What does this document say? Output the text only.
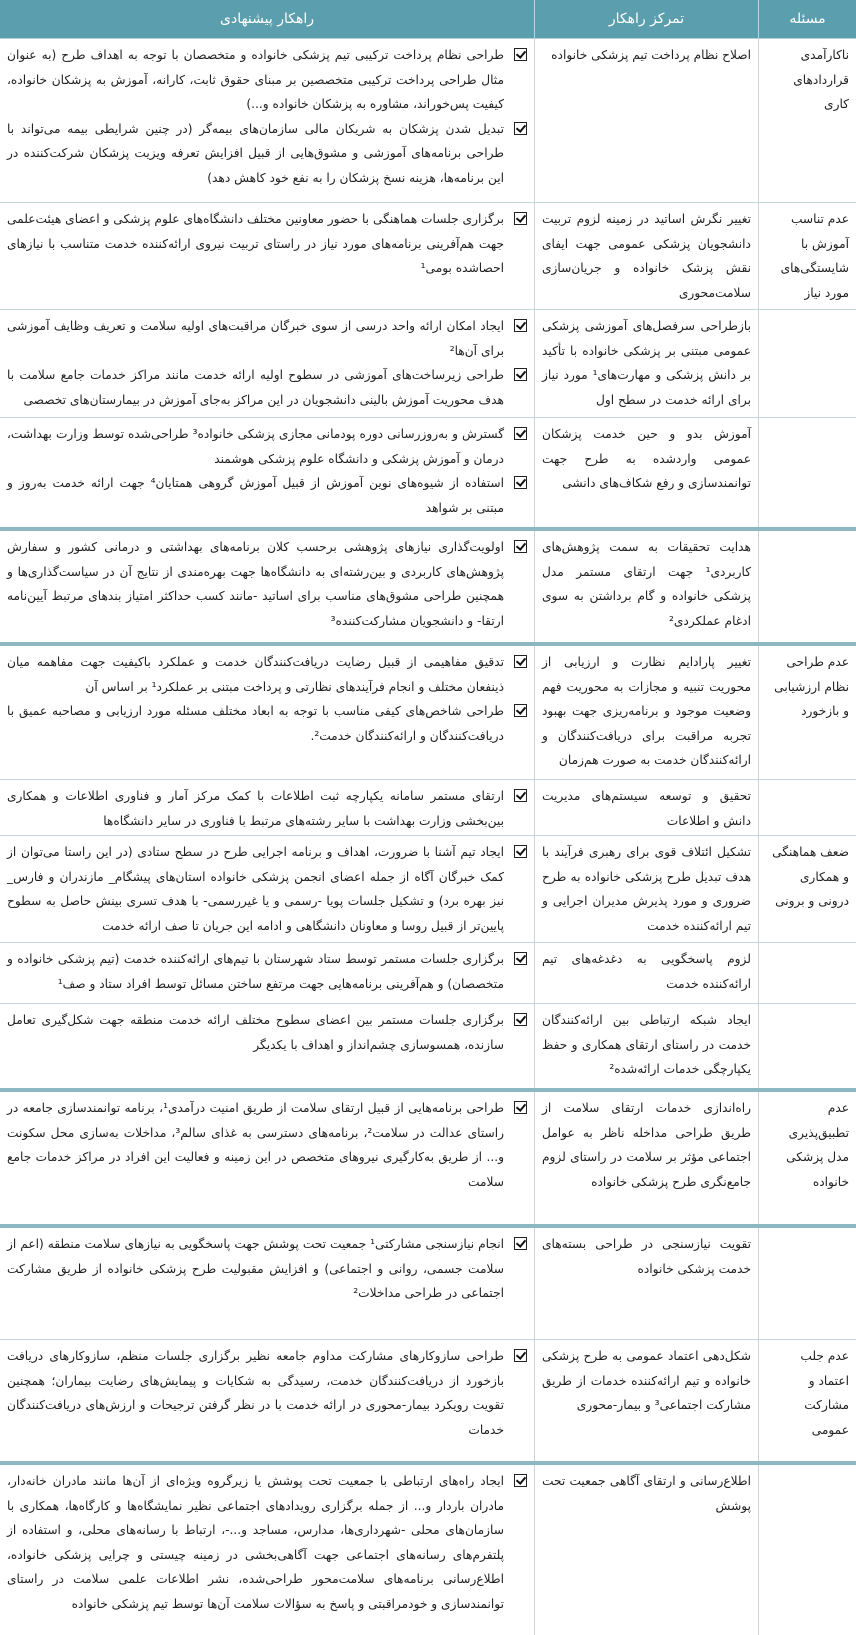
مسئله
تمرکز راهکار
راهکار پیشنهادی
ناکارآمدی قراردادهای کاری
اصلاح نظام پرداخت تیم پزشکی خانواده
طراحی نظام پرداخت ترکیبی تیم پزشکی خانواده و متخصصان با توجه به اهداف طرح (به عنوان مثال طراحی پرداخت ترکیبی متخصصین بر مبنای حقوق ثابت، کارانه، آموزش به پزشکان خانواده، کیفیت پس‌خوراند، مشاوره به پزشکان خانواده و...)
تبدیل شدن پزشکان به شریکان مالی سازمان‌های بیمه‌گر (در چنین شرایطی بیمه می‌تواند با طراحی برنامه‌های آموزشی و مشوق‌هایی از قبیل افزایش تعرفه ویزیت پزشکان شرکت‌کننده در این برنامه‌ها، هزینه نسخ پزشکان را به نفع خود کاهش دهد)
عدم تناسب آموزش با شایستگی‌های مورد نیاز
تغییر نگرش اساتید در زمینه لزوم تربیت دانشجویان پزشکی عمومی جهت ایفای نقش پزشک خانواده و جریان‌سازی سلامت‌محوری
برگزاری جلسات هماهنگی با حضور معاونین مختلف دانشگاه‌های علوم پزشکی و اعضای هیئت‌علمی جهت هم‌آفرینی برنامه‌های مورد نیاز در راستای تربیت نیروی ارائه‌کننده خدمت متناسب با نیازهای احصاشده بومی¹
بازطراحی سرفصل‌های آموزشی پزشکی عمومی مبتنی بر پزشکی خانواده با تأکید بر دانش پزشکی و مهارت‌های¹ مورد نیاز برای ارائه خدمت در سطح اول
ایجاد امکان ارائه واحد درسی از سوی خبرگان مراقبت‌های اولیه سلامت و تعریف وظایف آموزشی برای آن‌ها²
طراحی زیرساخت‌های آموزشی در سطوح اولیه ارائه خدمت مانند مراکز خدمات جامع سلامت با هدف محوریت آموزش بالینی دانشجویان در این مراکز به‌جای آموزش در بیمارستان‌های تخصصی
آموزش بدو و حین خدمت پزشکان عمومی واردشده به طرح جهت توانمندسازی و رفع شکاف‌های دانشی
گسترش و به‌روزرسانی دوره پودمانی مجازی پزشکی خانواده³ طراحی‌شده توسط وزارت بهداشت، درمان و آموزش پزشکی و دانشگاه علوم پزشکی هوشمند
استفاده از شیوه‌های نوین آموزش از قبیل آموزش گروهی همتایان⁴ جهت ارائه خدمت به‌روز و مبتنی بر شواهد
هدایت تحقیقات به سمت پژوهش‌های کاربردی¹ جهت ارتقای مستمر مدل پزشکی خانواده و گام برداشتن به سوی ادغام عملکردی²
اولویت‌گذاری نیازهای پژوهشی برحسب کلان برنامه‌های بهداشتی و درمانی کشور و سفارش پژوهش‌های کاربردی و بین‌رشته‌ای به دانشگاه‌ها جهت بهره‌مندی از نتایج آن در سیاست‌گذاری‌ها و همچنین طراحی مشوق‌های مناسب برای اساتید -مانند کسب حداکثر امتیاز بندهای مرتبط آیین‌نامه ارتقا- و دانشجویان مشارکت‌کننده³
عدم طراحی نظام ارزشیابی و بازخورد
تغییر پارادایم نظارت و ارزیابی از محوریت تنبیه و مجازات به محوریت فهم وضعیت موجود و برنامه‌ریزی جهت بهبود تجربه مراقبت برای دریافت‌کنندگان و ارائه‌کنندگان خدمت به صورت هم‌زمان
تدقیق مفاهیمی از قبیل رضایت دریافت‌کنندگان خدمت و عملکرد باکیفیت جهت مفاهمه میان ذینفعان مختلف و انجام فرآیندهای نظارتی و پرداخت مبتنی بر عملکرد¹ بر اساس آن
طراحی شاخص‌های کیفی مناسب با توجه به ابعاد مختلف مسئله مورد ارزیابی و مصاحبه عمیق با دریافت‌کنندگان و ارائه‌کنندگان خدمت².
تحقیق و توسعه سیستم‌های مدیریت دانش و اطلاعات
ارتقای مستمر سامانه یکپارچه ثبت اطلاعات با کمک مرکز آمار و فناوری اطلاعات و همکاری بین‌بخشی وزارت بهداشت با سایر رشته‌های مرتبط با فناوری در سایر دانشگاه‌ها
ضعف هماهنگی و همکاری درونی و برونی
تشکیل ائتلاف قوی برای رهبری فرآیند با هدف تبدیل طرح پزشکی خانواده به طرح ضروری و مورد پذیرش مدیران اجرایی و تیم ارائه‌کننده خدمت
ایجاد تیم آشنا با ضرورت، اهداف و برنامه اجرایی طرح در سطح ستادی (در این راستا می‌توان از کمک خبرگان آگاه از جمله اعضای انجمن پزشکی خانواده استان‌های پیشگام_ مازندران و فارس_ نیز بهره برد) و تشکیل جلسات پویا -رسمی و یا غیررسمی- با هدف تسری بینش حاصل به سطوح پایین‌تر از قبیل روسا و معاونان دانشگاهی و ادامه این جریان تا صف ارائه خدمت
لزوم پاسخگویی به دغدغه‌های تیم ارائه‌کننده خدمت
برگزاری جلسات مستمر توسط ستاد شهرستان با تیم‌های ارائه‌کننده خدمت (تیم پزشکی خانواده و متخصصان) و هم‌آفرینی برنامه‌هایی جهت مرتفع ساختن مسائل توسط افراد ستاد و صف¹
ایجاد شبکه ارتباطی بین ارائه‌کنندگان خدمت در راستای ارتقای همکاری و حفظ یکپارچگی خدمات ارائه‌شده²
برگزاری جلسات مستمر بین اعضای سطوح مختلف ارائه خدمت منطقه جهت شکل‌گیری تعامل سازنده، همسوسازی چشم‌انداز و اهداف با یکدیگر
عدم تطبیق‌پذیری مدل پزشکی خانواده
راه‌اندازی خدمات ارتقای سلامت از طریق طراحی مداخله ناظر به عوامل اجتماعی مؤثر بر سلامت در راستای لزوم جامع‌نگری طرح پزشکی خانواده
طراحی برنامه‌هایی از قبیل ارتقای سلامت از طریق امنیت درآمدی¹، برنامه توانمندسازی جامعه در راستای عدالت در سلامت²، برنامه‌های دسترسی به غذای سالم³، مداخلات به‌سازی محل سکونت و... از طریق به‌کارگیری نیروهای متخصص در این زمینه و فعالیت این افراد در مراکز خدمات جامع سلامت
تقویت نیازسنجی در طراحی بسته‌های خدمت پزشکی خانواده
انجام نیازسنجی مشارکتی¹ جمعیت تحت پوشش جهت پاسخگویی به نیازهای سلامت منطقه (اعم از سلامت جسمی، روانی و اجتماعی) و افزایش مقبولیت طرح پزشکی خانواده از طریق مشارکت اجتماعی در طراحی مداخلات²
عدم جلب اعتماد و مشارکت عمومی
شکل‌دهی اعتماد عمومی به طرح پزشکی خانواده و تیم ارائه‌کننده خدمات از طریق مشارکت اجتماعی³ و بیمار-محوری
طراحی سازوکارهای مشارکت مداوم جامعه نظیر برگزاری جلسات منظم، سازوکارهای دریافت بازخورد از دریافت‌کنندگان خدمت، رسیدگی به شکایات و پیمایش‌های رضایت بیماران؛ همچنین تقویت رویکرد بیمار-محوری در ارائه خدمت با در نظر گرفتن ترجیحات و ارزش‌های دریافت‌کنندگان خدمات
اطلاع‌رسانی و ارتقای آگاهی جمعیت تحت پوشش
ایجاد راه‌های ارتباطی با جمعیت تحت پوشش یا زیرگروه ویژه‌ای از آن‌ها مانند مادران خانه‌دار، مادران باردار و... از جمله برگزاری رویدادهای اجتماعی نظیر نمایشگاه‌ها و کارگاه‌ها، همکاری با سازمان‌های محلی -شهرداری‌ها، مدارس، مساجد و...-، ارتباط با رسانه‌های محلی، و استفاده از پلتفرم‌های رسانه‌های اجتماعی جهت آگاهی‌بخشی در زمینه چیستی و چرایی پزشکی خانواده، اطلاع‌رسانی برنامه‌های سلامت‌محور طراحی‌شده، نشر اطلاعات علمی سلامت در راستای توانمندسازی و خودمراقبتی و پاسخ به سؤالات سلامت آن‌ها توسط تیم پزشکی خانواده
